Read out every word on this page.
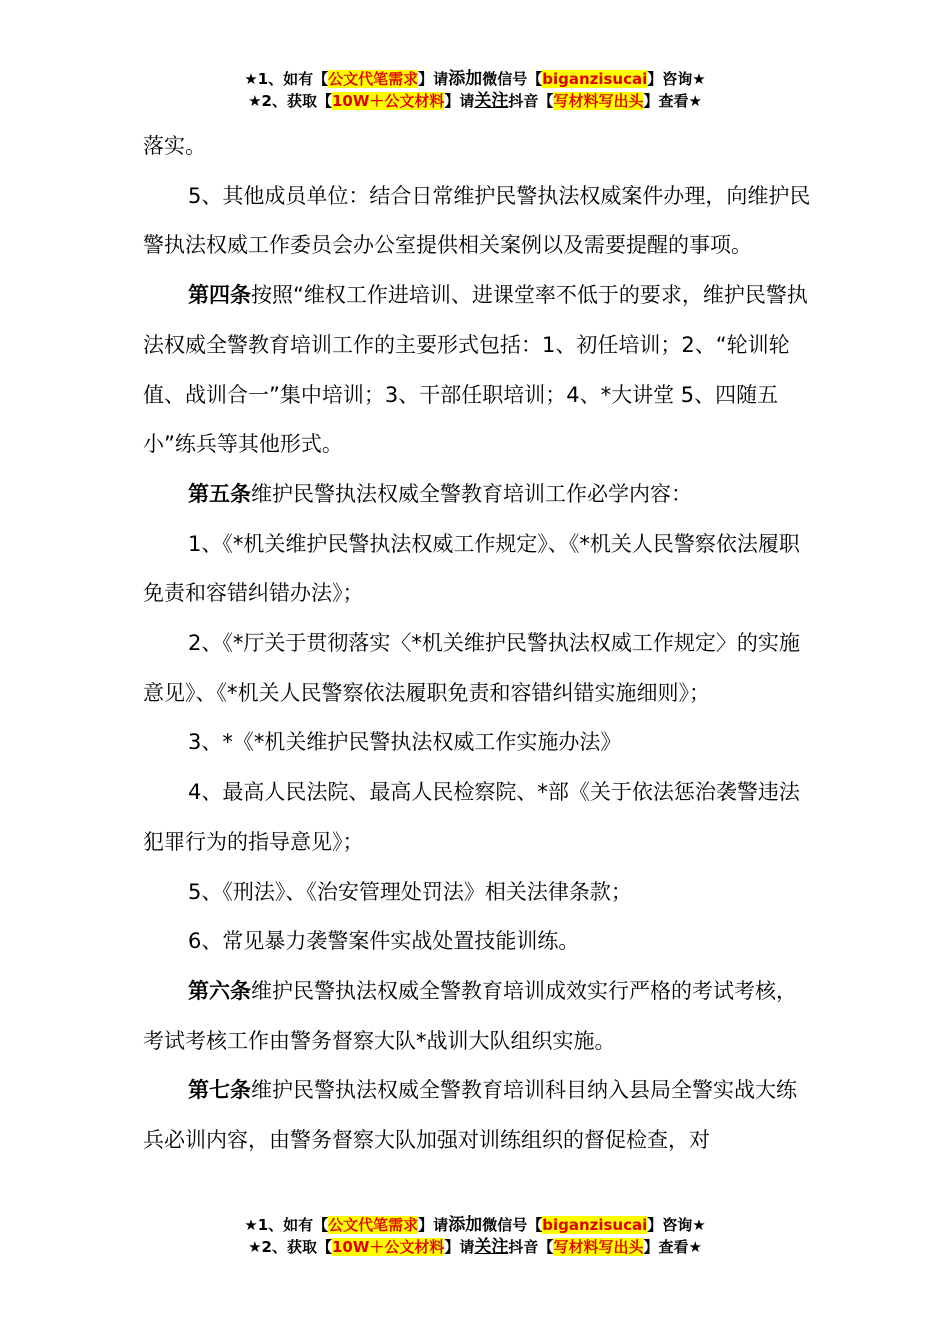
★1、如有【公文代笔需求】请添加微信号【biganzisucai】咨询★
★2、获取【10W＋公文材料】请关注抖音【写材料写出头】查看★

落实。

5、其他成员单位：结合日常维护民警执法权威案件办理，向维护民警执法权威工作委员会办公室提供相关案例以及需要提醒的事项。

第四条按照“维权工作进培训、进课堂率不低于的要求，维护民警执法权威全警教育培训工作的主要形式包括：1、初任培训；2、“轮训轮值、战训合一”集中培训；3、干部任职培训；4、*大讲堂 5、四随五小”练兵等其他形式。

第五条维护民警执法权威全警教育培训工作必学内容：

1、《*机关维护民警执法权威工作规定》、《*机关人民警察依法履职免责和容错纠错办法》；

2、《*厅关于贯彻落实〈*机关维护民警执法权威工作规定〉的实施意见》、《*机关人民警察依法履职免责和容错纠错实施细则》；

3、*《*机关维护民警执法权威工作实施办法》

4、最高人民法院、最高人民检察院、*部《关于依法惩治袭警违法犯罪行为的指导意见》；

5、《刑法》、《治安管理处罚法》相关法律条款；

6、常见暴力袭警案件实战处置技能训练。

第六条维护民警执法权威全警教育培训成效实行严格的考试考核，考试考核工作由警务督察大队*战训大队组织实施。

第七条维护民警执法权威全警教育培训科目纳入县局全警实战大练兵必训内容，由警务督察大队加强对训练组织的督促检查，对

★1、如有【公文代笔需求】请添加微信号【biganzisucai】咨询★
★2、获取【10W＋公文材料】请关注抖音【写材料写出头】查看★
